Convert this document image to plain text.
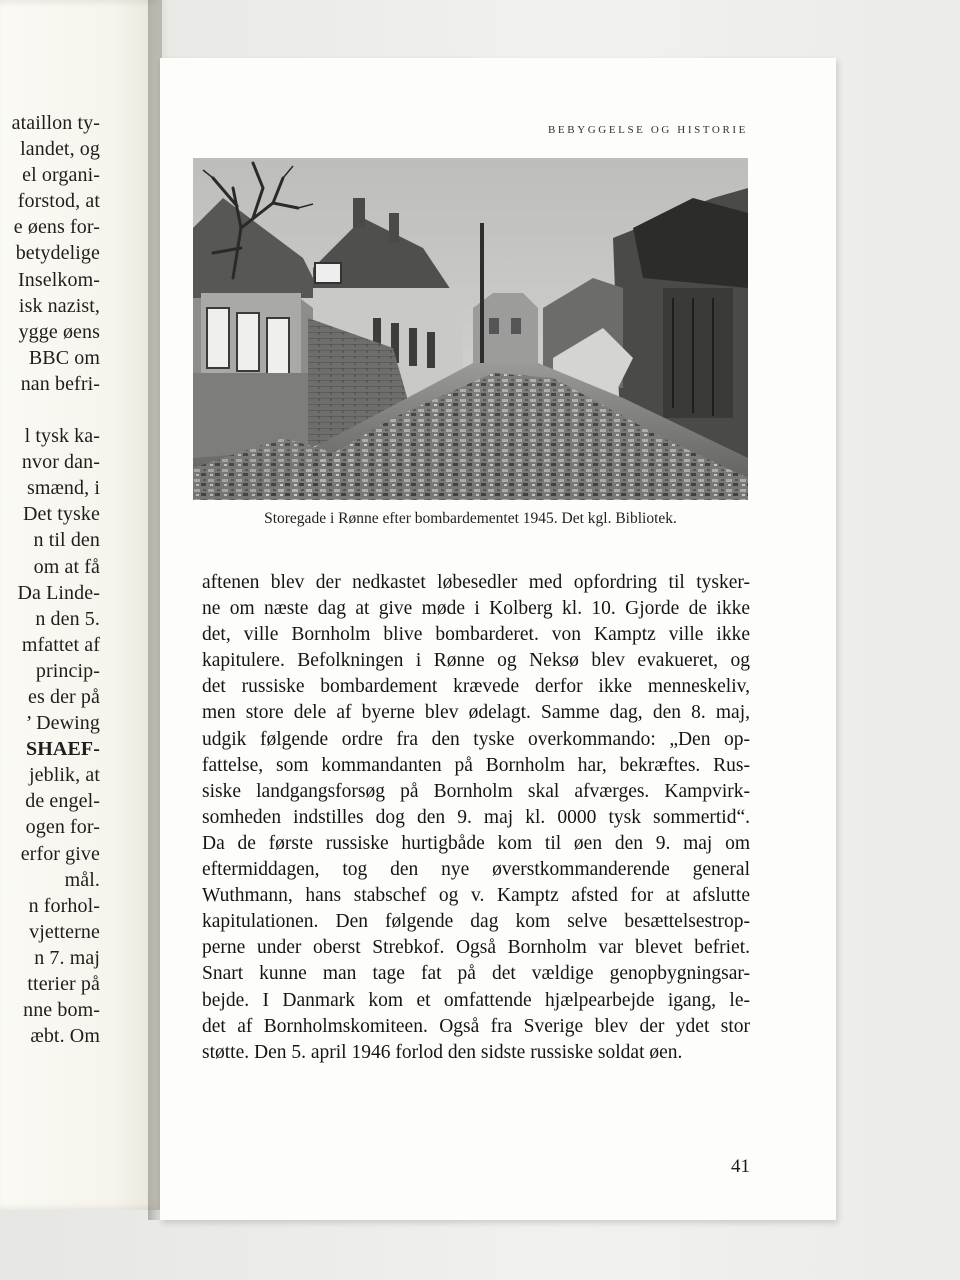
ataillon ty-
landet, og
el organi-
forstod, at
e øens for-
betydelige
Inselkom-
isk nazist,
ygge øens
BBC om
nan befri-
l tysk ka-
nvor dan-
smænd, i
Det tyske
n til den
om at få
Da Linde-
n den 5.
mfattet af
princip-
es der på
’ Dewing
SHAEF-
jeblik, at
de engel-
ogen for-
erfor give
mål.
n forhol-
vjetterne
n 7. maj
tterier på
nne bom-
æbt. Om
BEBYGGELSE OG HISTORIE
Storegade i Rønne efter bombardementet 1945. Det kgl. Bibliotek.
aftenen blev der nedkastet løbesedler med opfordring til tysker-
ne om næste dag at give møde i Kolberg kl. 10. Gjorde de ikke
det, ville Bornholm blive bombarderet. von Kamptz ville ikke
kapitulere. Befolkningen i Rønne og Neksø blev evakueret, og
det russiske bombardement krævede derfor ikke menneskeliv,
men store dele af byerne blev ødelagt. Samme dag, den 8. maj,
udgik følgende ordre fra den tyske overkommando: „Den op-
fattelse, som kommandanten på Bornholm har, bekræftes. Rus-
siske landgangsforsøg på Bornholm skal afværges. Kampvirk-
somheden indstilles dog den 9. maj kl. 0000 tysk sommertid“.
Da de første russiske hurtigbåde kom til øen den 9. maj om
eftermiddagen, tog den nye øverstkommanderende general
Wuthmann, hans stabschef og v. Kamptz afsted for at afslutte
kapitulationen. Den følgende dag kom selve besættelsestrop-
perne under oberst Strebkof. Også Bornholm var blevet befriet.
Snart kunne man tage fat på det vældige genopbygningsar-
bejde. I Danmark kom et omfattende hjælpearbejde igang, le-
det af Bornholmskomiteen. Også fra Sverige blev der ydet stor
støtte. Den 5. april 1946 forlod den sidste russiske soldat øen.
41
